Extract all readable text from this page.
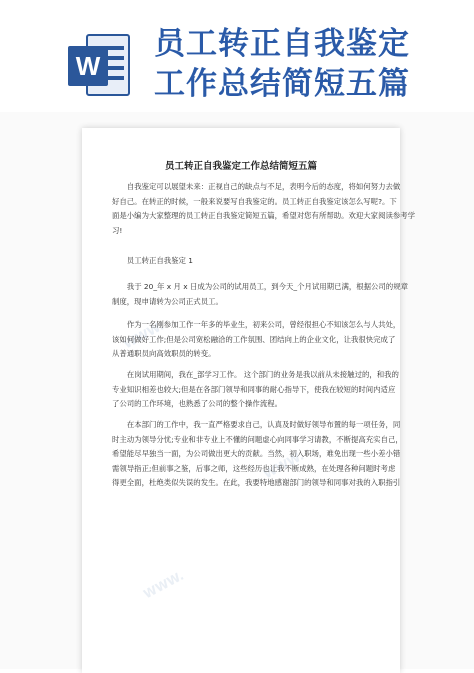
W
员工转正自我鉴定
工作总结简短五篇
WWW.
WWW.
WWW.
员工转正自我鉴定工作总结简短五篇
自我鉴定可以展望未来：正视自己的缺点与不足，表明今后的态度，将如何努力去做
好自己。在转正的时候，一般来说要写自我鉴定的。员工转正自我鉴定该怎么写呢?。下
面是小编为大家整理的员工转正自我鉴定简短五篇，希望对您有所帮助。欢迎大家阅读参考学
习!
员工转正自我鉴定 1
我于 20_年 x 月 x 日成为公司的试用员工，到今天_个月试用期已满，根据公司的规章
制度，现申请转为公司正式员工。
作为一名刚参加工作一年多的毕业生，初来公司，曾经很担心不知该怎么与人共处，
该如何做好工作;但是公司宽松融洽的工作氛围、团结向上的企业文化，让我很快完成了
从普通职员向高效职员的转变。
在岗试用期间，我在_部学习工作。 这个部门的业务是我以前从未接触过的，和我的
专业知识相差也较大;但是在各部门领导和同事的耐心指导下，使我在较短的时间内适应
了公司的工作环境，也熟悉了公司的整个操作流程。
在本部门的工作中，我一直严格要求自己，认真及时做好领导布置的每一项任务，同
时主动为领导分忧;专业和非专业上不懂的问题虚心向同事学习请教，不断提高充实自己，
希望能尽早独当一面，为公司做出更大的贡献。当然，初入职场，难免出现一些小差小错
需领导指正;但前事之鉴，后事之师，这些经历也让我不断成熟，在处理各种问题时考虑
得更全面，杜绝类似失误的发生。在此，我要特地感谢部门的领导和同事对我的入职指引
